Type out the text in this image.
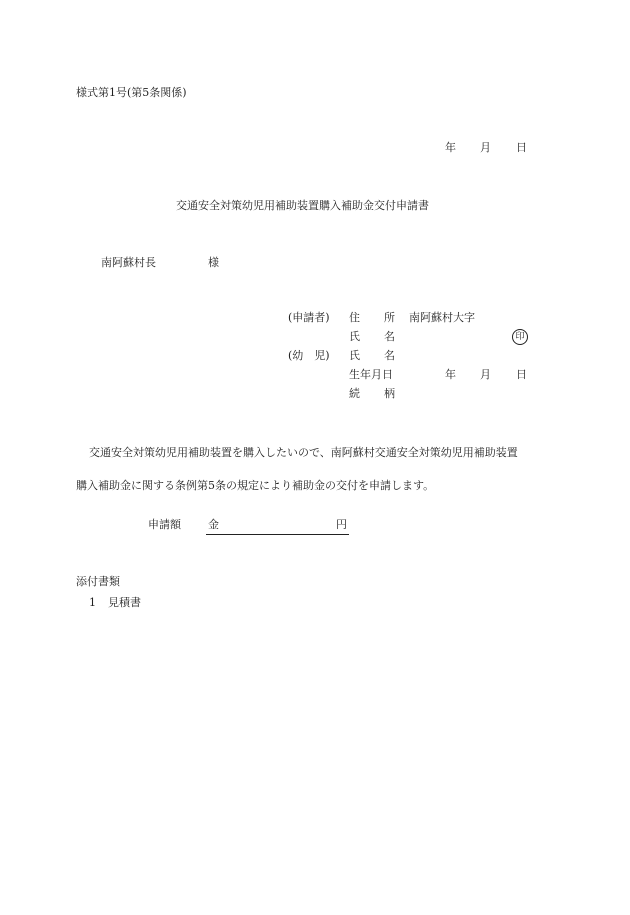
様式第1号(第5条関係)
年 月 日
交通安全対策幼児用補助装置購入補助金交付申請書
南阿蘇村長	様
(申請者) 住 所 南阿蘇村大字
氏 名	印
(幼　児) 氏 名
生年月日	年 月 日
続 柄
交通安全対策幼児用補助装置を購入したいので、南阿蘇村交通安全対策幼児用補助装置
購入補助金に関する条例第5条の規定により補助金の交付を申請します。
申請額 金	円
添付書類
1 見積書
